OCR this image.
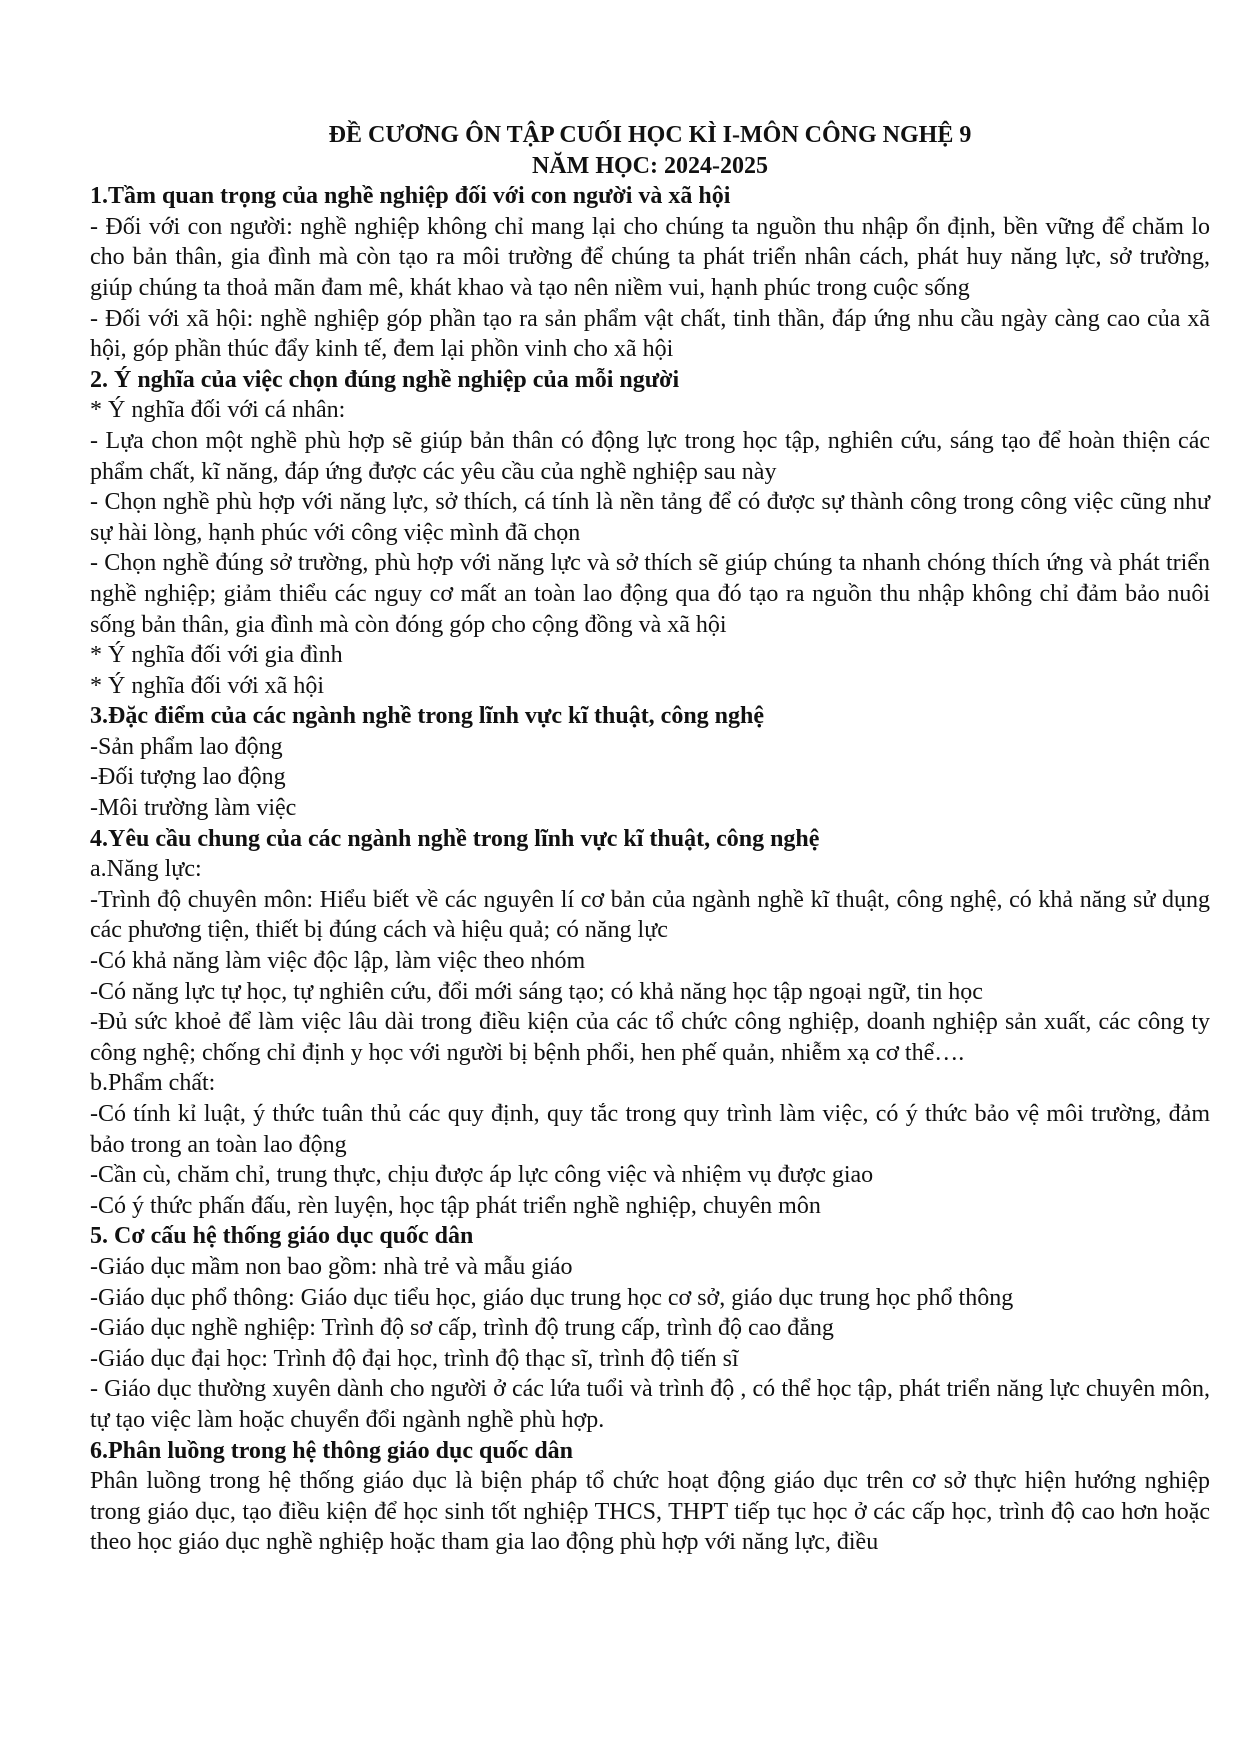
ĐỀ CƯƠNG ÔN TẬP CUỐI HỌC KÌ I-MÔN CÔNG NGHỆ 9

NĂM HỌC: 2024-2025

1.Tầm quan trọng của nghề nghiệp đối với con người và xã hội

- Đối với con người: nghề nghiệp không chỉ mang lại cho chúng ta nguồn thu nhập ổn định, bền vững để chăm lo cho bản thân, gia đình mà còn tạo ra môi trường để chúng ta phát triển nhân cách, phát huy năng lực, sở trường, giúp chúng ta thoả mãn đam mê, khát khao và tạo nên niềm vui, hạnh phúc trong cuộc sống

- Đối với xã hội: nghề nghiệp góp phần tạo ra sản phẩm vật chất, tinh thần, đáp ứng nhu cầu ngày càng cao của xã hội, góp phần thúc đẩy kinh tế, đem lại phồn vinh cho xã hội

2. Ý nghĩa của việc chọn đúng nghề nghiệp của mỗi người

* Ý nghĩa đối với cá nhân:

- Lựa chon một nghề phù hợp sẽ giúp bản thân có động lực trong học tập, nghiên cứu, sáng tạo để hoàn thiện các phẩm chất, kĩ năng, đáp ứng được các yêu cầu của nghề nghiệp sau này

- Chọn nghề phù hợp với năng lực, sở thích, cá tính là nền tảng để có được sự thành công trong công việc cũng như sự hài lòng, hạnh phúc với công việc mình đã chọn

- Chọn nghề đúng sở trường, phù hợp với năng lực và sở thích sẽ giúp chúng ta nhanh chóng thích ứng và phát triển nghề nghiệp; giảm thiểu các nguy cơ mất an toàn lao động qua đó tạo ra nguồn thu nhập không chỉ đảm bảo nuôi sống bản thân, gia đình mà còn đóng góp cho cộng đồng và xã hội

* Ý nghĩa đối với gia đình

* Ý nghĩa đối với xã hội

3.Đặc điểm của các ngành nghề trong lĩnh vực kĩ thuật, công nghệ

-Sản phẩm lao động

-Đối tượng lao động

-Môi trường làm việc

4.Yêu cầu chung của các ngành nghề trong lĩnh vực kĩ thuật, công nghệ

a.Năng lực:

-Trình độ chuyên môn: Hiểu biết về các nguyên lí cơ bản của ngành nghề kĩ thuật, công nghệ, có khả năng sử dụng các phương tiện, thiết bị đúng cách và hiệu quả; có năng lực

-Có khả năng làm việc độc lập, làm việc theo nhóm

-Có năng lực tự học, tự nghiên cứu, đổi mới sáng tạo; có khả năng học tập ngoại ngữ, tin học

-Đủ sức khoẻ để làm việc lâu dài trong điều kiện của các tổ chức công nghiệp, doanh nghiệp sản xuất, các công ty công nghệ; chống chỉ định y học với người bị bệnh phổi, hen phế quản, nhiễm xạ cơ thể….

b.Phẩm chất:

-Có tính kỉ luật, ý thức tuân thủ các quy định, quy tắc trong quy trình làm việc, có ý thức bảo vệ môi trường, đảm bảo trong an toàn lao động

-Cần cù, chăm chỉ, trung thực, chịu được áp lực công việc và nhiệm vụ được giao

-Có ý thức phấn đấu, rèn luyện, học tập phát triển nghề nghiệp, chuyên môn

5. Cơ cấu hệ thống giáo dục quốc dân

-Giáo dục mầm non bao gồm: nhà trẻ và mẫu giáo

-Giáo dục phổ thông: Giáo dục tiểu học, giáo dục trung học cơ sở, giáo dục trung học phổ thông

-Giáo dục nghề nghiệp: Trình độ sơ cấp, trình độ trung cấp, trình độ cao đẳng

-Giáo dục đại học: Trình độ đại học, trình độ thạc sĩ, trình độ tiến sĩ

- Giáo dục thường xuyên dành cho người ở các lứa tuổi và trình độ , có thể học tập, phát triển năng lực chuyên môn, tự tạo việc làm hoặc chuyển đổi ngành nghề phù hợp.

6.Phân luồng trong hệ thông giáo dục quốc dân

Phân luồng trong hệ thống giáo dục là biện pháp tổ chức hoạt động giáo dục trên cơ sở thực hiện hướng nghiệp trong giáo dục, tạo điều kiện để học sinh tốt nghiệp THCS, THPT tiếp tục học ở các cấp học, trình độ cao hơn hoặc theo học giáo dục nghề nghiệp hoặc tham gia lao động phù hợp với năng lực, điều
